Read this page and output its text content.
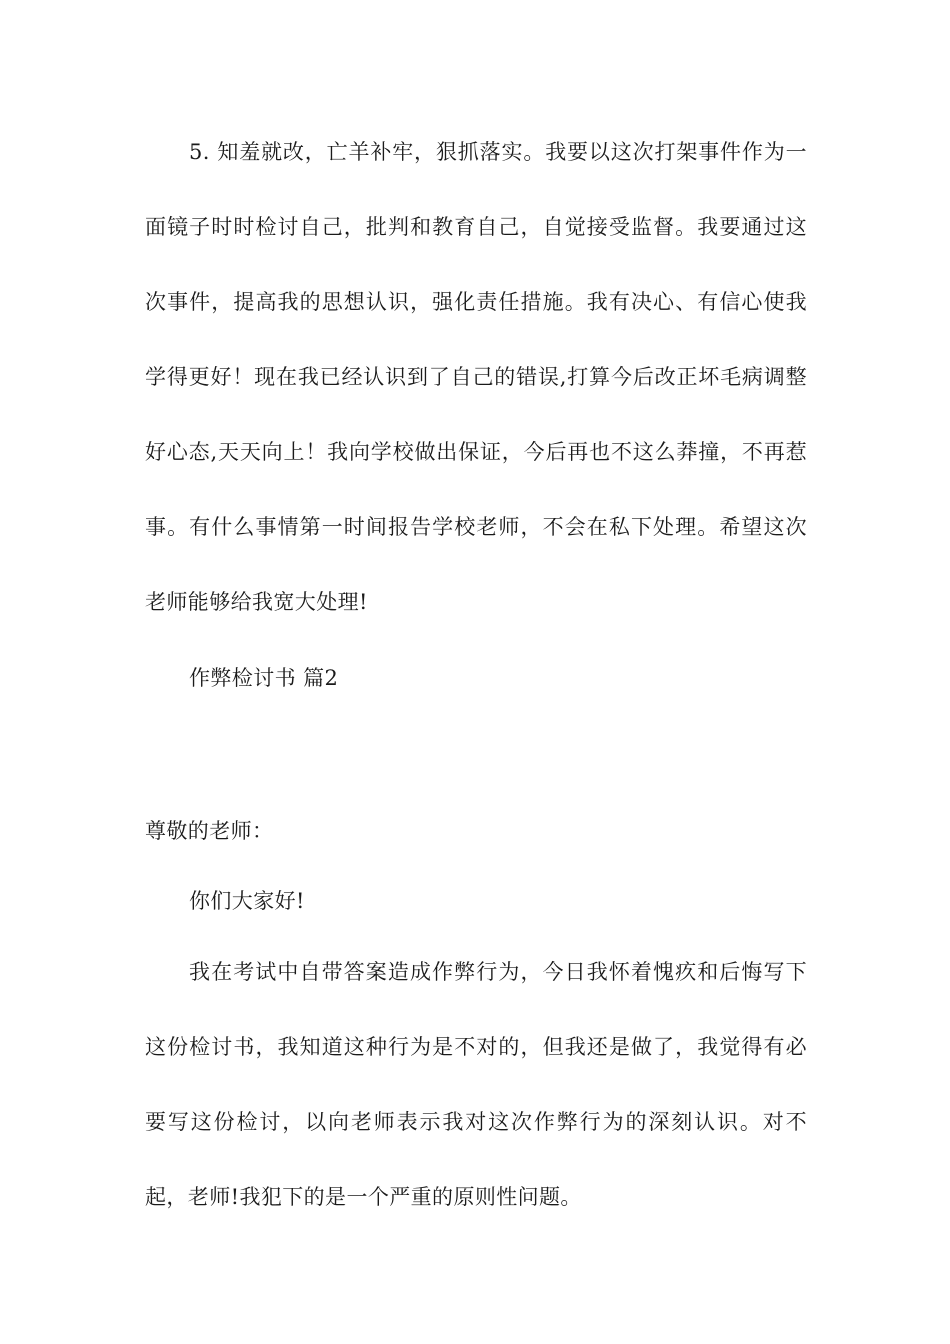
5. 知羞就改，亡羊补牢，狠抓落实。我要以这次打架事件作为一面镜子时时检讨自己，批判和教育自己，自觉接受监督。我要通过这次事件，提高我的思想认识，强化责任措施。我有决心、有信心使我学得更好！现在我已经认识到了自己的错误,打算今后改正坏毛病调整好心态,天天向上！我向学校做出保证，今后再也不这么莽撞，不再惹事。有什么事情第一时间报告学校老师，不会在私下处理。希望这次老师能够给我宽大处理!

作弊检讨书 篇2
尊敬的老师：
你们大家好!

我在考试中自带答案造成作弊行为，今日我怀着愧疚和后悔写下这份检讨书，我知道这种行为是不对的，但我还是做了，我觉得有必要写这份检讨，以向老师表示我对这次作弊行为的深刻认识。对不起，老师!我犯下的是一个严重的原则性问题。
